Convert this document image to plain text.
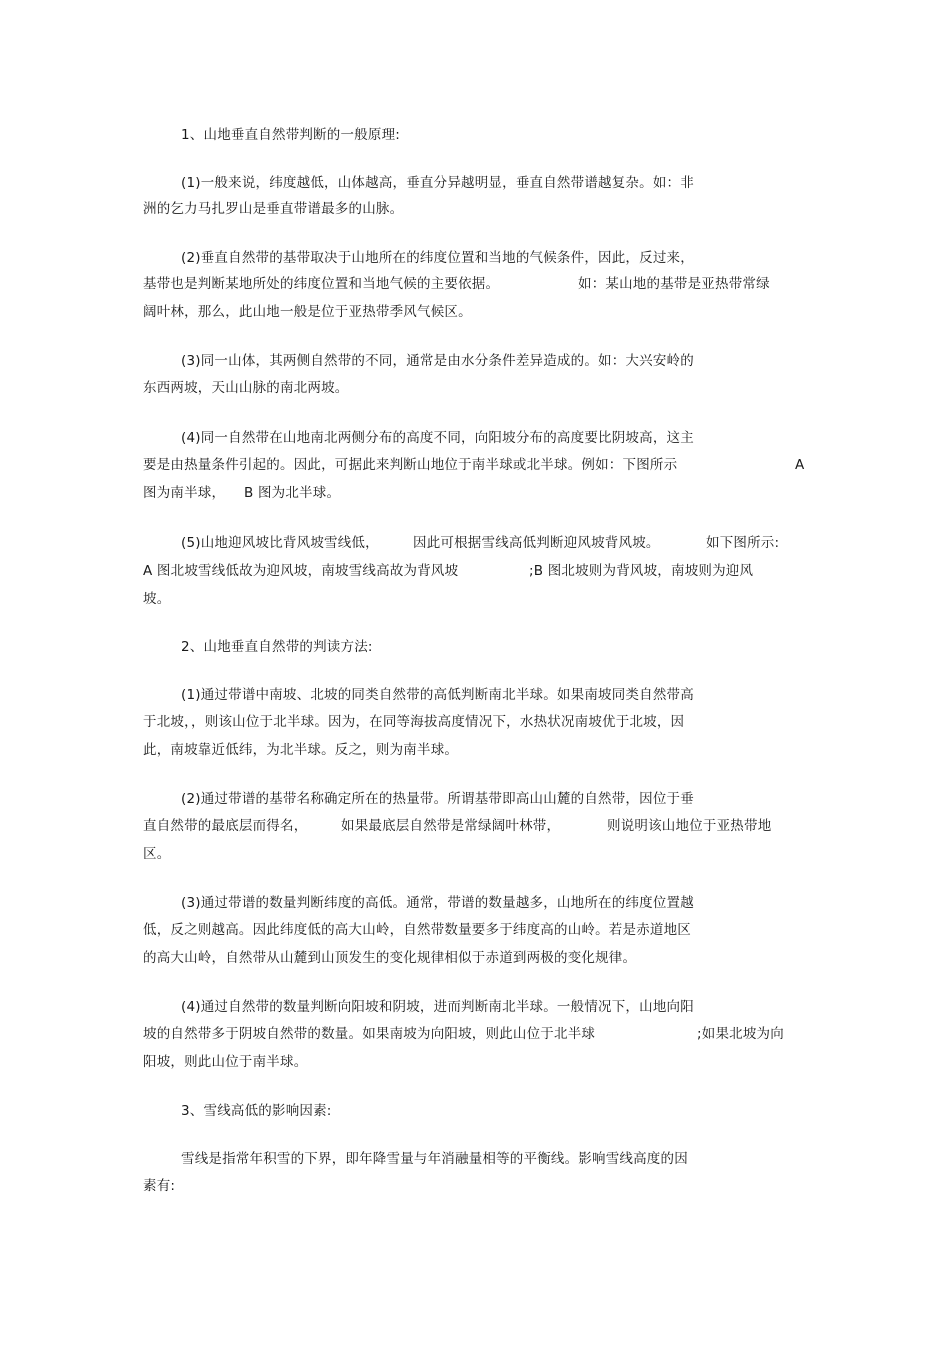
1、山地垂直自然带判断的一般原理:

(1)一般来说，纬度越低，山体越高，垂直分异越明显，垂直自然带谱越复杂。如：非

洲的乞力马扎罗山是垂直带谱最多的山脉。

(2)垂直自然带的基带取决于山地所在的纬度位置和当地的气候条件，因此，反过来，

基带也是判断某地所处的纬度位置和当地气候的主要依据。	如：某山地的基带是亚热带常绿

阔叶林，那么，此山地一般是位于亚热带季风气候区。

(3)同一山体，其两侧自然带的不同，通常是由水分条件差异造成的。如：大兴安岭的

东西两坡，天山山脉的南北两坡。

(4)同一自然带在山地南北两侧分布的高度不同，向阳坡分布的高度要比阴坡高，这主

要是由热量条件引起的。因此，可据此来判断山地位于南半球或北半球。例如：下图所示	A

图为南半球， B 图为北半球。

(5)山地迎风坡比背风坡雪线低，	因此可根据雪线高低判断迎风坡背风坡。	如下图所示:

A 图北坡雪线低故为迎风坡，南坡雪线高故为背风坡	;B 图北坡则为背风坡，南坡则为迎风

坡。

2、山地垂直自然带的判读方法:

(1)通过带谱中南坡、北坡的同类自然带的高低判断南北半球。如果南坡同类自然带高

于北坡，，则该山位于北半球。因为，在同等海拔高度情况下，水热状况南坡优于北坡，因

此，南坡靠近低纬，为北半球。反之，则为南半球。

(2)通过带谱的基带名称确定所在的热量带。所谓基带即高山山麓的自然带，因位于垂

直自然带的最底层而得名， 如果最底层自然带是常绿阔叶林带，	则说明该山地位于亚热带地

区。

(3)通过带谱的数量判断纬度的高低。通常，带谱的数量越多，山地所在的纬度位置越

低，反之则越高。因此纬度低的高大山岭，自然带数量要多于纬度高的山岭。若是赤道地区

的高大山岭，自然带从山麓到山顶发生的变化规律相似于赤道到两极的变化规律。

(4)通过自然带的数量判断向阳坡和阴坡，进而判断南北半球。一般情况下，山地向阳

坡的自然带多于阴坡自然带的数量。如果南坡为向阳坡，则此山位于北半球	;如果北坡为向

阳坡，则此山位于南半球。

3、雪线高低的影响因素:

雪线是指常年积雪的下界，即年降雪量与年消融量相等的平衡线。影响雪线高度的因

素有:
